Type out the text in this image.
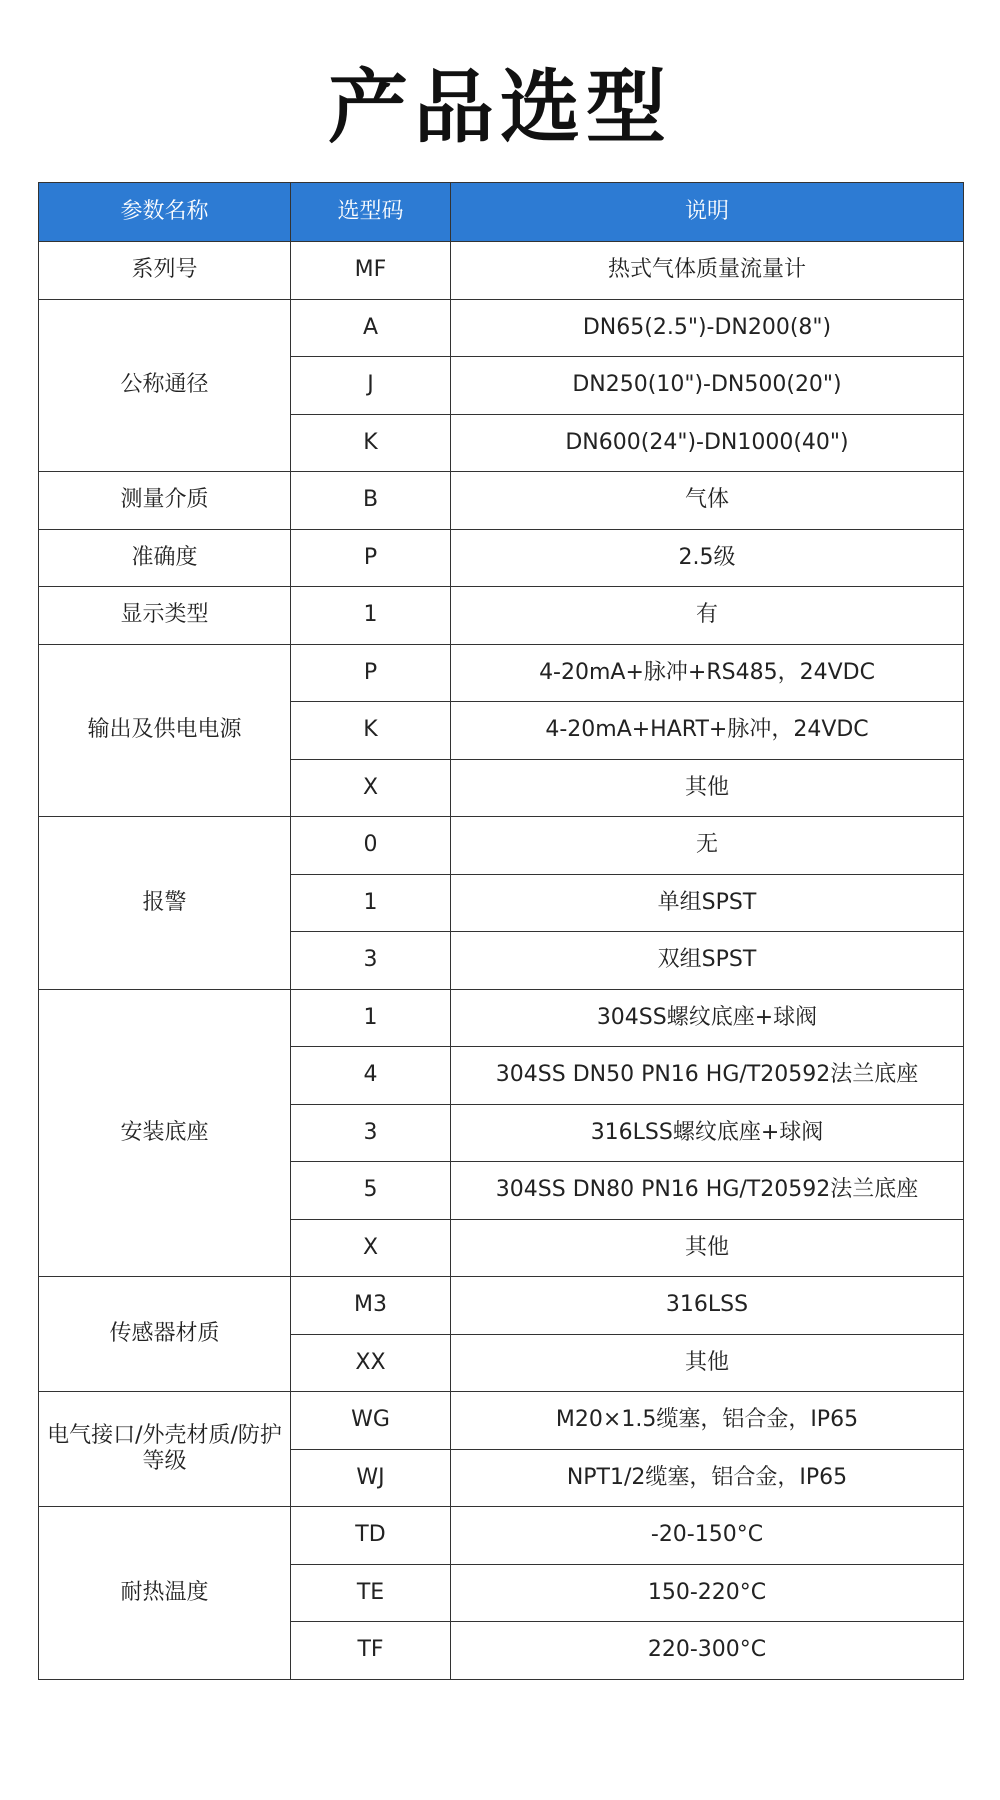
产品选型
参数名称	选型码	说明
系列号	MF	热式气体质量流量计
公称通径	A	DN65(2.5")-DN200(8")
	J	DN250(10")-DN500(20")
	K	DN600(24")-DN1000(40")
测量介质	B	气体
准确度	P	2.5级
显示类型	1	有
输出及供电电源	P	4-20mA+脉冲+RS485，24VDC
	K	4-20mA+HART+脉冲，24VDC
	X	其他
报警	0	无
	1	单组SPST
	3	双组SPST
安装底座	1	304SS螺纹底座+球阀
	4	304SS DN50 PN16 HG/T20592法兰底座
	3	316LSS螺纹底座+球阀
	5	304SS DN80 PN16 HG/T20592法兰底座
	X	其他
传感器材质	M3	316LSS
	XX	其他
电气接口/外壳材质/防护等级	WG	M20×1.5缆塞，铝合金，IP65
	WJ	NPT1/2缆塞，铝合金，IP65
耐热温度	TD	-20-150°C
	TE	150-220°C
	TF	220-300°C
